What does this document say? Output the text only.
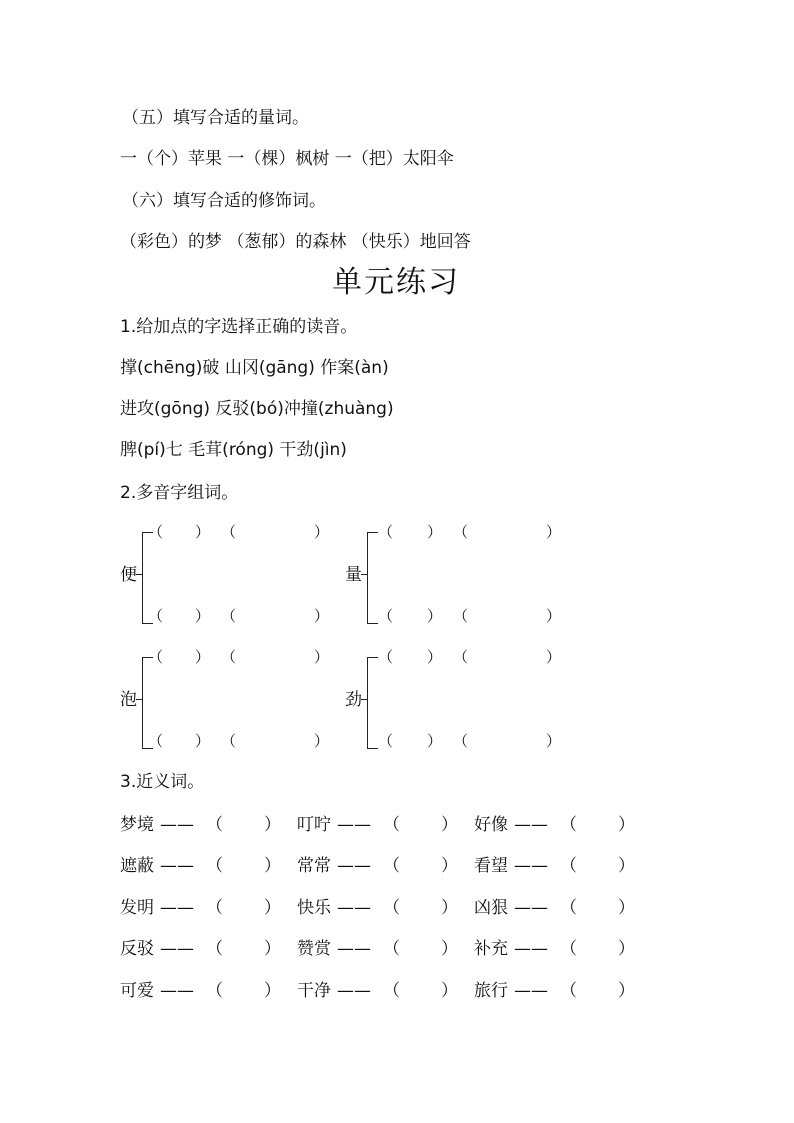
（五）填写合适的量词。
一（个）苹果 一（棵）枫树 一（把）太阳伞
（六）填写合适的修饰词。
（彩色）的梦 （葱郁）的森林 （快乐）地回答
单元练习
1.给加点的字选择正确的读音。
撑(chēng)破 山冈(gāng) 作案(àn)
进攻(gōng) 反驳(bó)冲撞(zhuàng)
脾(pí)七 毛茸(róng) 干劲(jìn)
2.多音字组词。
便
（ ） （	）
（ ） （	）
量
（ ） （	）
（ ） （	）
泡
（ ） （	）
（ ） （	）
劲
（ ） （	）
（ ） （	）
3.近义词。
梦境 —— （ ） 叮咛 —— （ ） 好像 —— （ ）
遮蔽 —— （ ） 常常 —— （ ） 看望 —— （ ）
发明 —— （ ） 快乐 —— （ ） 凶狠 —— （ ）
反驳 —— （ ） 赞赏 —— （ ） 补充 —— （ ）
可爱 —— （ ） 干净 —— （ ） 旅行 —— （ ）
